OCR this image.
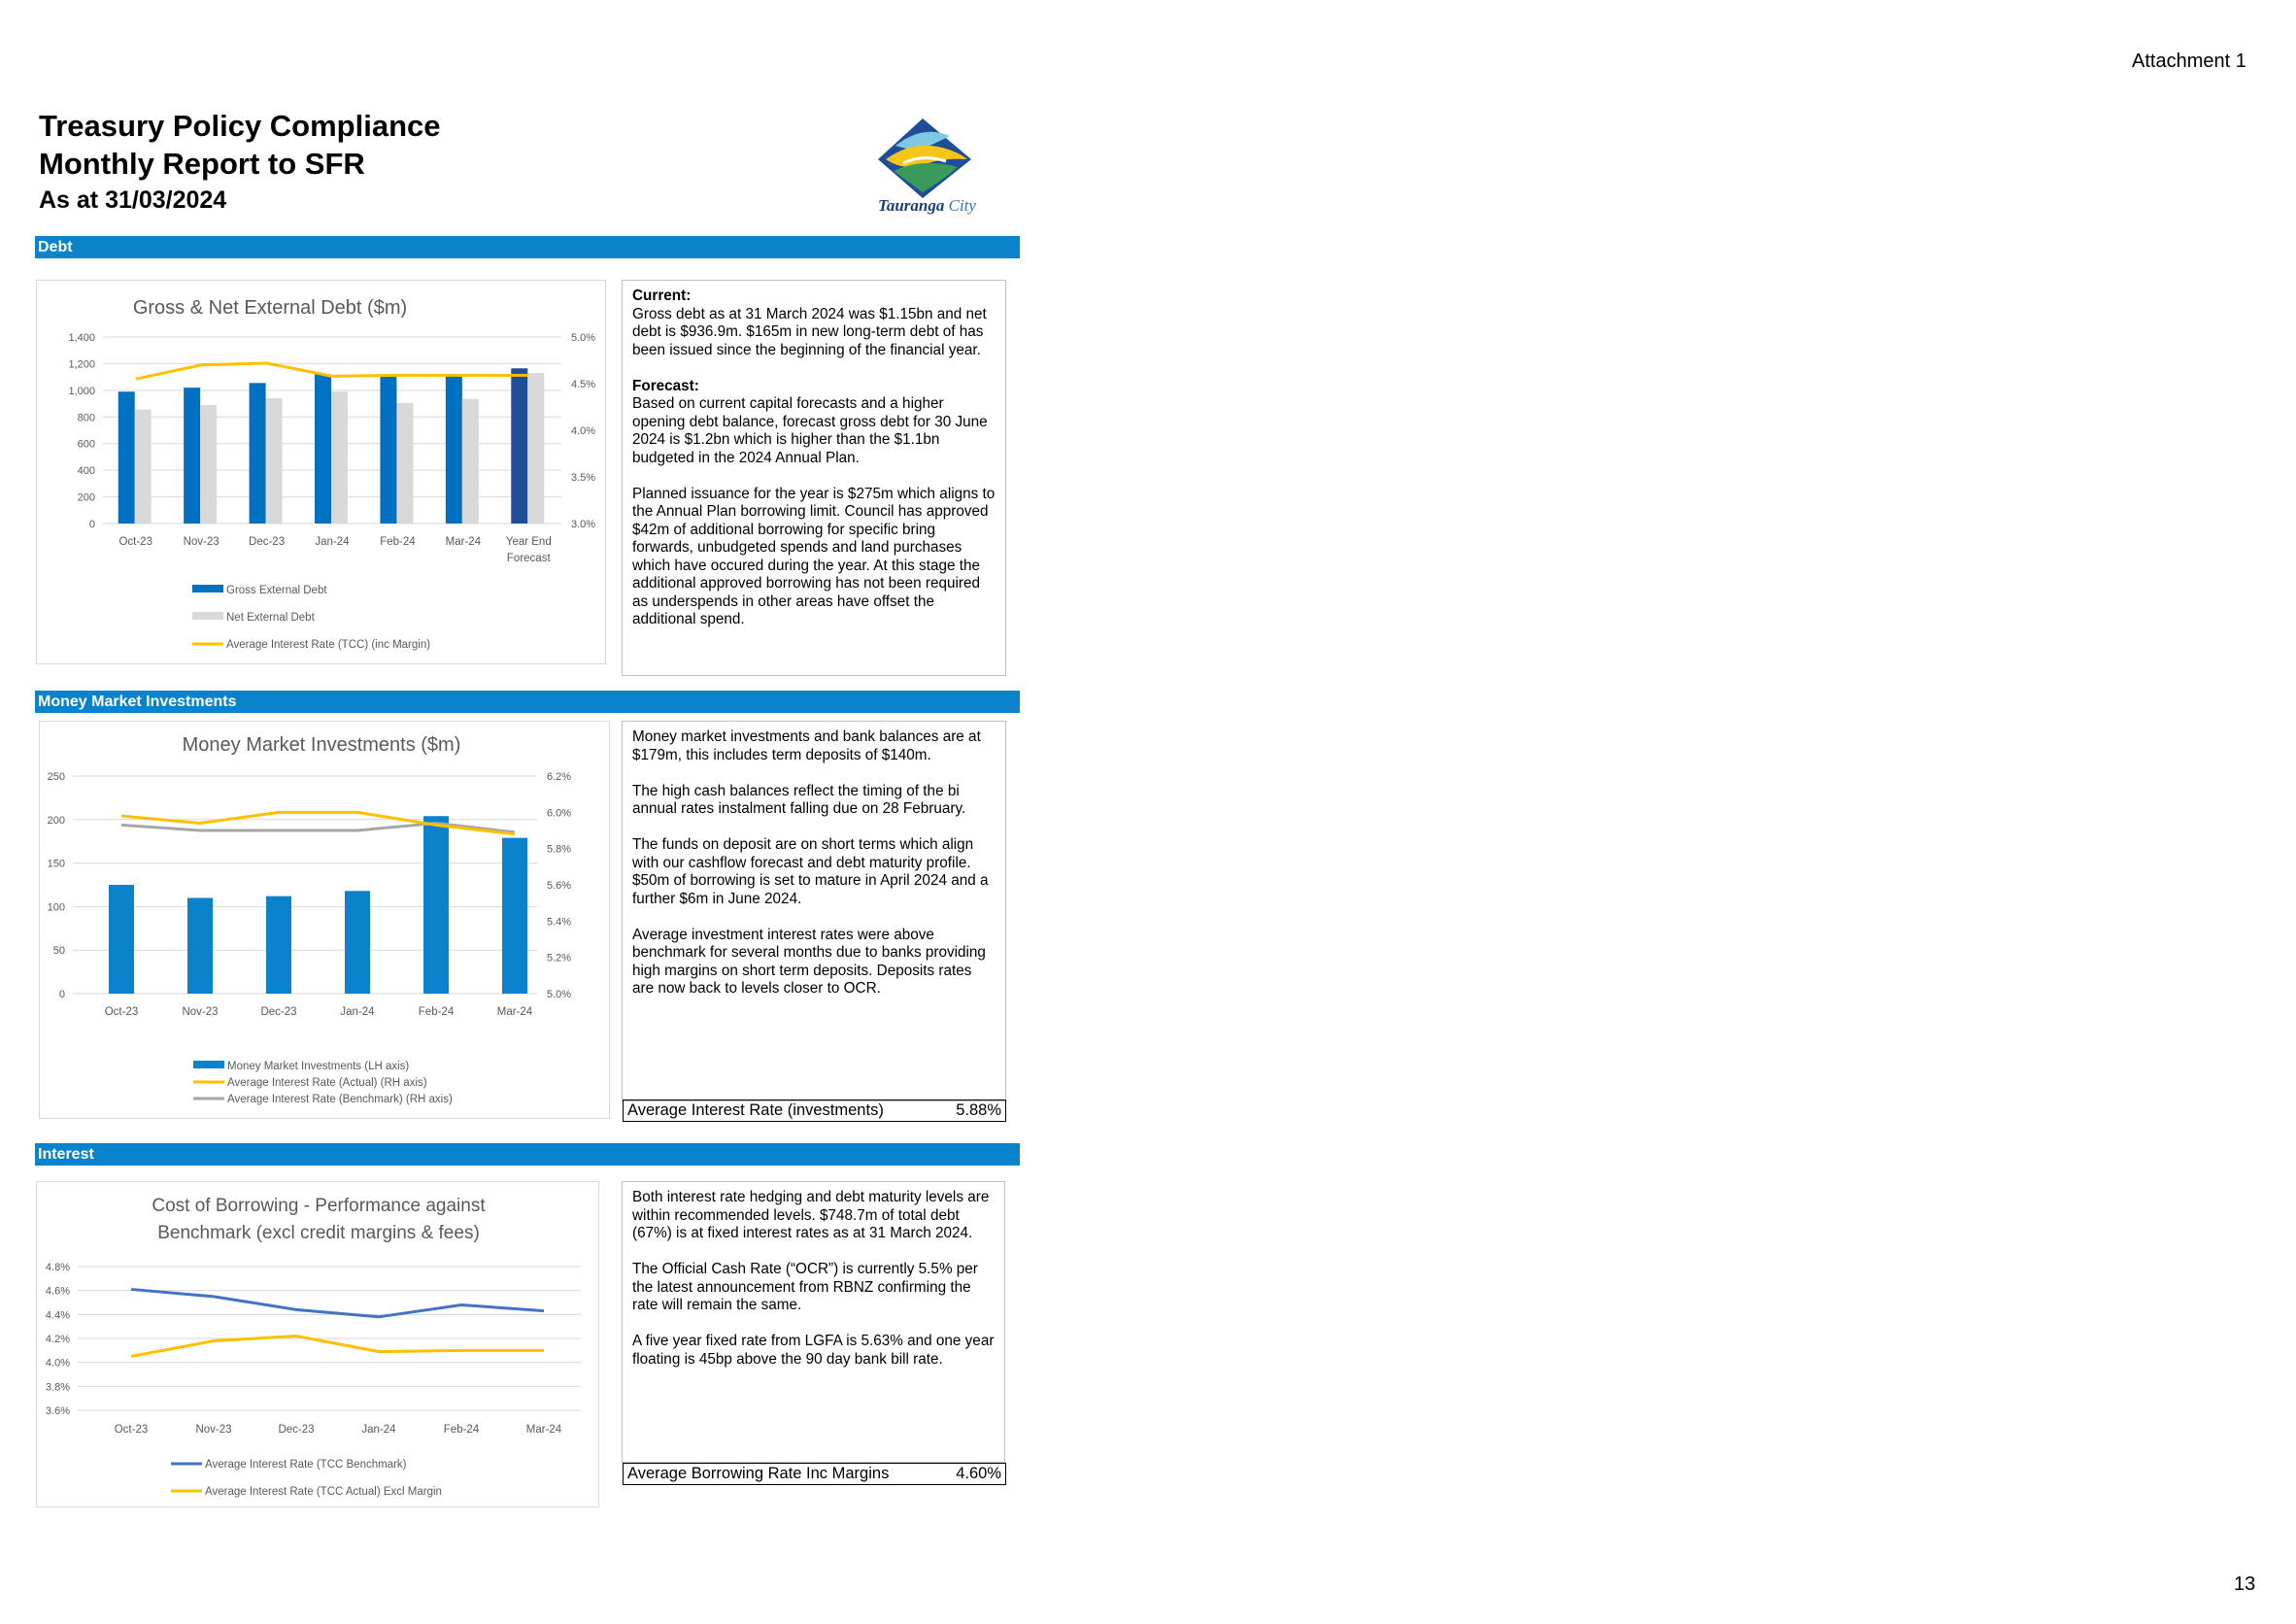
Attachment 1
Treasury Policy Compliance
Monthly Report to SFR
As at 31/03/2024	Tauranga City
Debt
Gross & Net External Debt ($m)
0
200
400
600
800
1,000
1,200
1,400
3.0%
3.5%
4.0%
4.5%
5.0%
Oct-23	Nov-23	Dec-23	Jan-24	Feb-24	Mar-24 Year End
Forecast
Gross External Debt
Net External Debt
Average Interest Rate (TCC) (inc Margin)
Current:

Gross debt as at 31 March 2024 was $1.15bn and net debt is $936.9m. $165m in new long-term debt of has been issued since the beginning of the financial year.

Forecast:

Based on current capital forecasts and a higher opening debt balance, forecast gross debt for 30 June 2024 is $1.2bn which is higher than the $1.1bn budgeted in the 2024 Annual Plan.

Planned issuance for the year is $275m which aligns to the Annual Plan borrowing limit. Council has approved $42m of additional borrowing for specific bring forwards, unbudgeted spends and land purchases which have occured during the year. At this stage the additional approved borrowing has not been required as underspends in other areas have offset the additional spend.

Money Market Investments
Money Market Investments ($m)
0
50
100
150
200
250
5.0%
5.2%
5.4%
5.6%
5.8%
6.0%
6.2%
Oct-23	Nov-23	Dec-23	Jan-24	Feb-24	Mar-24
Money Market Investments (LH axis)
Average Interest Rate (Actual) (RH axis)
Average Interest Rate (Benchmark) (RH axis)

Money market investments and bank balances are at $179m, this includes term deposits of $140m.

The high cash balances reflect the timing of the bi annual rates instalment falling due on 28 February.

The funds on deposit are on short terms which align with our cashflow forecast and debt maturity profile. $50m of borrowing is set to mature in April 2024 and a further $6m in June 2024.

Average investment interest rates were above benchmark for several months due to banks providing high margins on short term deposits. Deposits rates are now back to levels closer to OCR.

Average Interest Rate (investments)	5.88%
Interest
Cost of Borrowing - Performance against
Benchmark (excl credit margins & fees)
3.6%
3.8%
4.0%
4.2%
4.4%
4.6%
4.8%
Oct-23	Nov-23	Dec-23	Jan-24	Feb-24	Mar-24
Average Interest Rate (TCC Benchmark)
Average Interest Rate (TCC Actual) Excl Margin

Both interest rate hedging and debt maturity levels are within recommended levels. $748.7m of total debt (67%) is at fixed interest rates as at 31 March 2024.

The Official Cash Rate (“OCR”) is currently 5.5% per the latest announcement from RBNZ confirming the rate will remain the same.

A five year fixed rate from LGFA is 5.63% and one year floating is 45bp above the 90 day bank bill rate.

Average Borrowing Rate Inc Margins	4.60%
13
